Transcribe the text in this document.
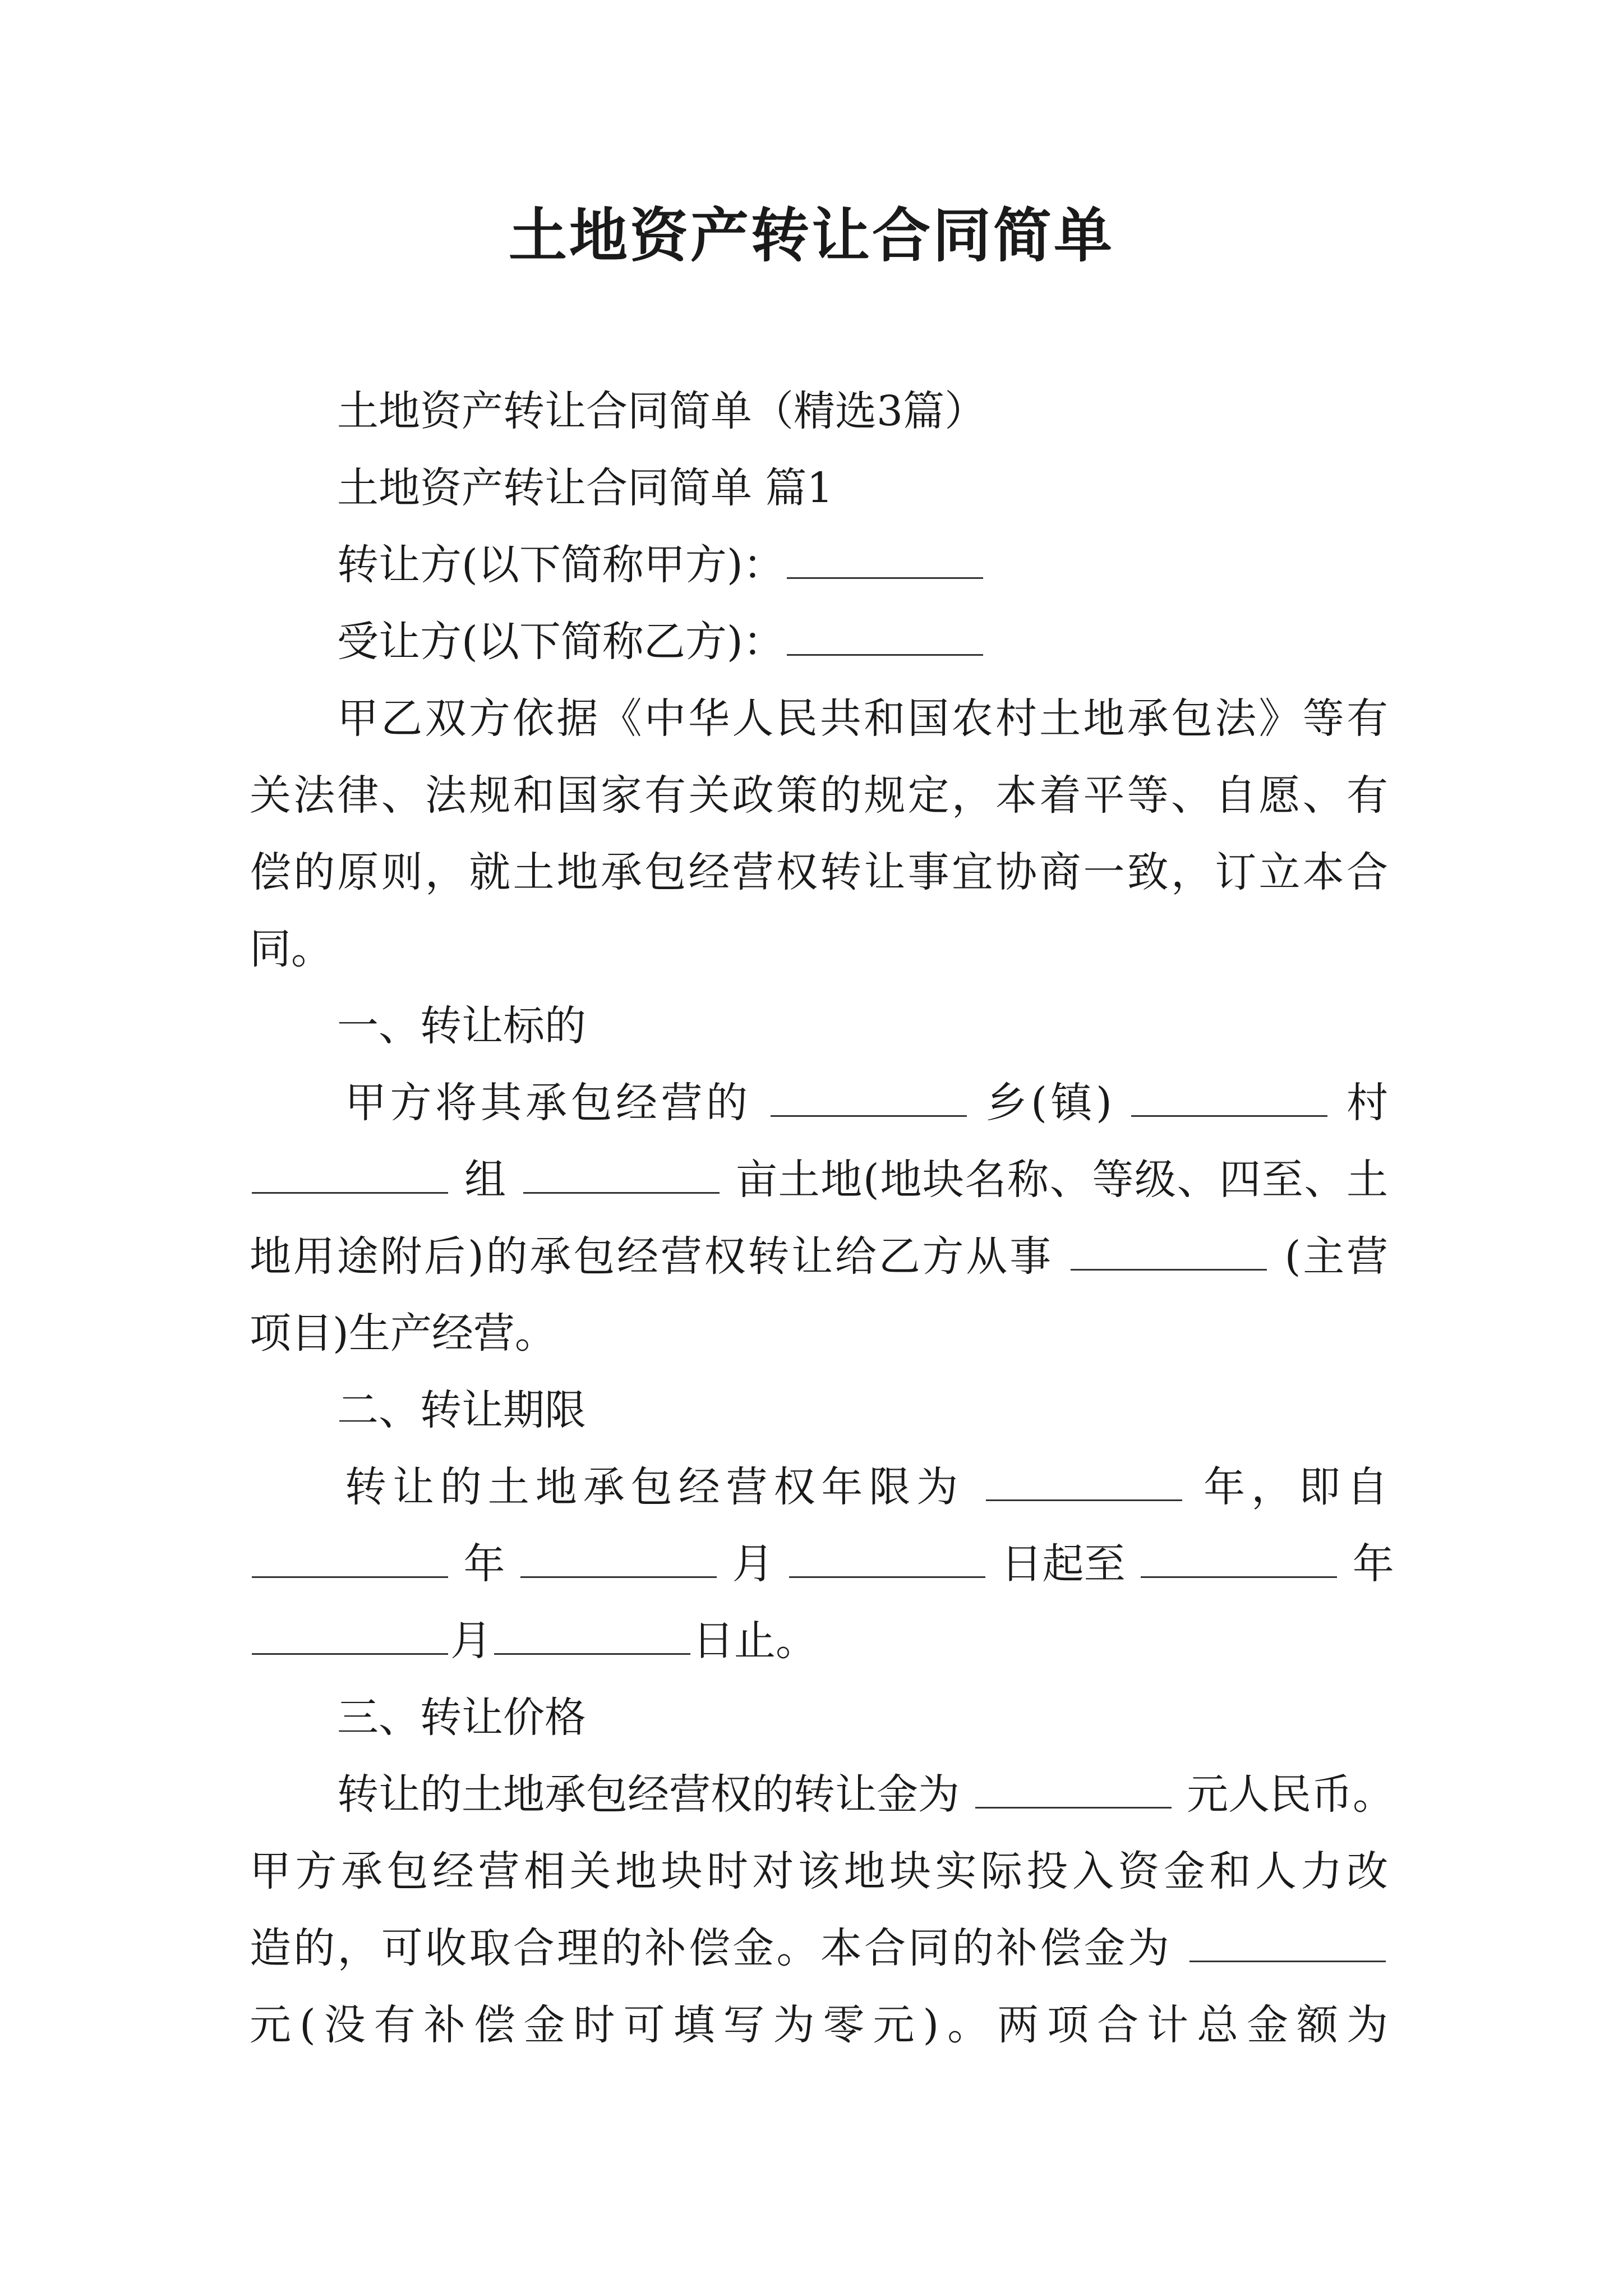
土地资产转让合同简单
土地资产转让合同简单（精选3篇）
土地资产转让合同简单 篇1
转让方(以下简称甲方)：
受让方(以下简称乙方)：
甲乙双方依据《中华人民共和国农村土地承包法》等有
关法律、法规和国家有关政策的规定，本着平等、自愿、有
偿的原则，就土地承包经营权转让事宜协商一致，订立本合
同。
一、转让标的
甲方将其承包经营的	乡(镇)	村
组	亩土地(地块名称、等级、四至、土
地用途附后)的承包经营权转让给乙方从事	(主营
项目)生产经营。
二、转让期限
转让的土地承包经营权年限为	年，即自
年	月	日起至	年
月	日止。
三、转让价格
转让的土地承包经营权的转让金为	元人民币。
甲方承包经营相关地块时对该地块实际投入资金和人力改
造的，可收取合理的补偿金。本合同的补偿金为
元(没有补偿金时可填写为零元)。两项合计总金额为
